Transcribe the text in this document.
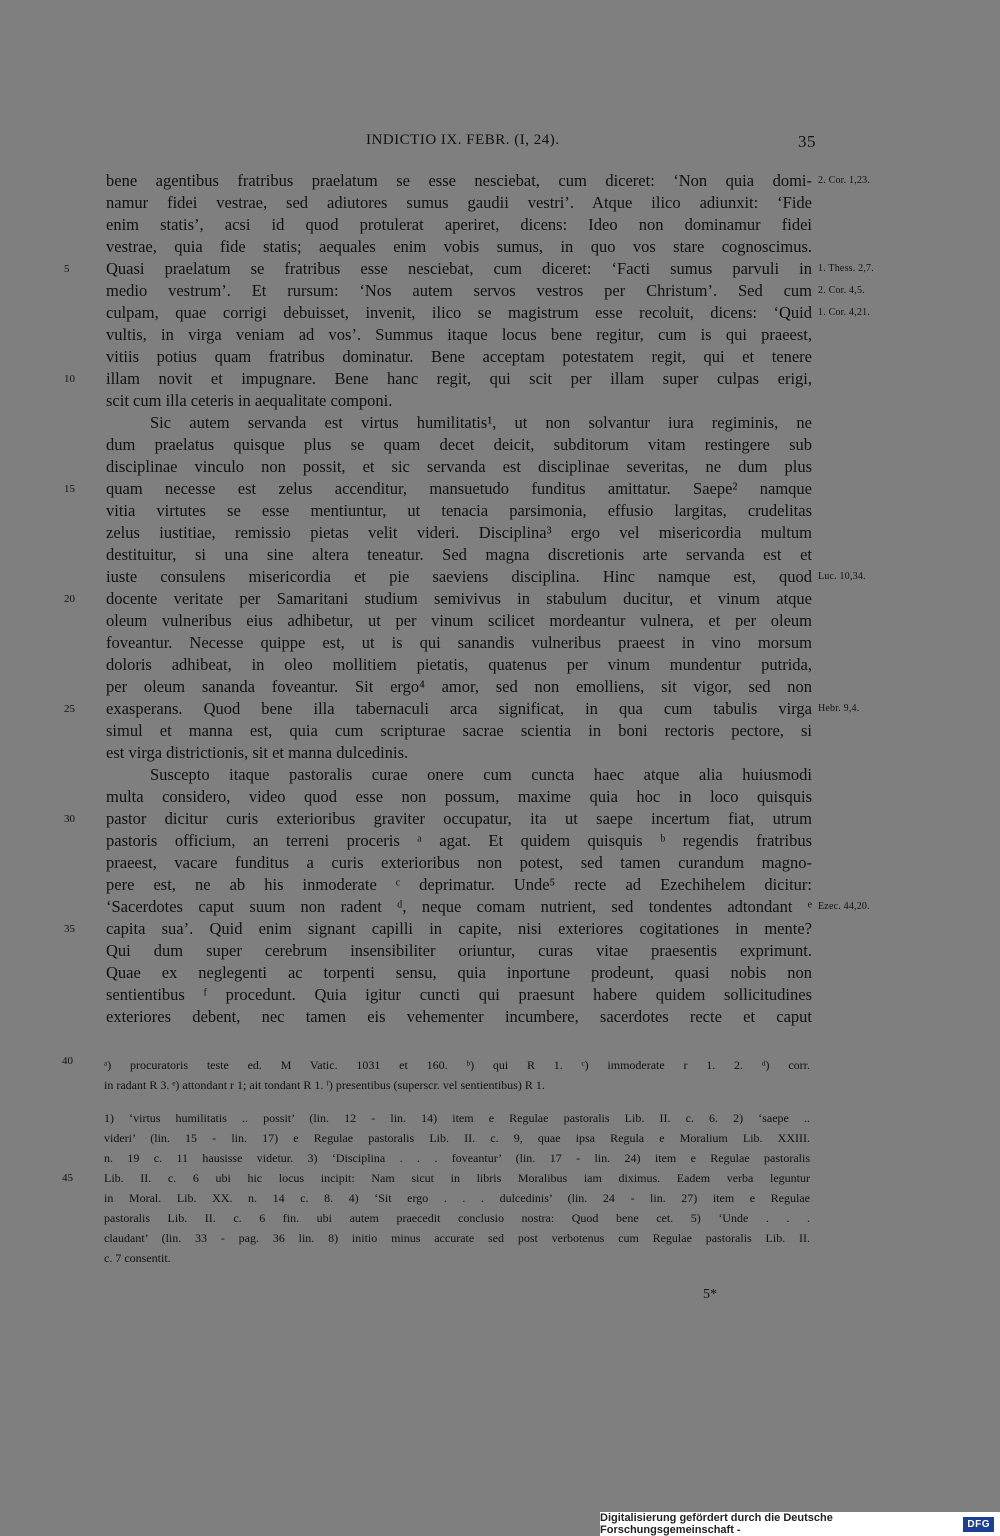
INDICTIO IX. FEBR. (I, 24).	35
bene agentibus fratribus praelatum se esse nesciebat, cum diceret: ‘Non quia domi-
namur fidei vestrae, sed adiutores sumus gaudii vestri’. Atque ilico adiunxit: ‘Fide
enim statis’, acsi id quod protulerat aperiret, dicens: Ideo non dominamur fidei
vestrae, quia fide statis; aequales enim vobis sumus, in quo vos stare cognoscimus.
Quasi praelatum se fratribus esse nesciebat, cum diceret: ‘Facti sumus parvuli in
medio vestrum’. Et rursum: ‘Nos autem servos vestros per Christum’. Sed cum
culpam, quae corrigi debuisset, invenit, ilico se magistrum esse recoluit, dicens: ‘Quid
vultis, in virga veniam ad vos’. Summus itaque locus bene regitur, cum is qui praeest,
vitiis potius quam fratribus dominatur. Bene acceptam potestatem regit, qui et tenere
illam novit et impugnare. Bene hanc regit, qui scit per illam super culpas erigi,
scit cum illa ceteris in aequalitate componi.
Sic autem servanda est virtus humilitatis¹, ut non solvantur iura regiminis, ne
dum praelatus quisque plus se quam decet deicit, subditorum vitam restingere sub
disciplinae vinculo non possit, et sic servanda est disciplinae severitas, ne dum plus
quam necesse est zelus accenditur, mansuetudo funditus amittatur. Saepe² namque
vitia virtutes se esse mentiuntur, ut tenacia parsimonia, effusio largitas, crudelitas
zelus iustitiae, remissio pietas velit videri. Disciplina³ ergo vel misericordia multum
destituitur, si una sine altera teneatur. Sed magna discretionis arte servanda est et
iuste consulens misericordia et pie saeviens disciplina. Hinc namque est, quod
docente veritate per Samaritani studium semivivus in stabulum ducitur, et vinum atque
oleum vulneribus eius adhibetur, ut per vinum scilicet mordeantur vulnera, et per oleum
foveantur. Necesse quippe est, ut is qui sanandis vulneribus praeest in vino morsum
doloris adhibeat, in oleo mollitiem pietatis, quatenus per vinum mundentur putrida,
per oleum sananda foveantur. Sit ergo⁴ amor, sed non emolliens, sit vigor, sed non
exasperans. Quod bene illa tabernaculi arca significat, in qua cum tabulis virga
simul et manna est, quia cum scripturae sacrae scientia in boni rectoris pectore, si
est virga districtionis, sit et manna dulcedinis.
Suscepto itaque pastoralis curae onere cum cuncta haec atque alia huiusmodi
multa considero, video quod esse non possum, maxime quia hoc in loco quisquis
pastor dicitur curis exterioribus graviter occupatur, ita ut saepe incertum fiat, utrum
pastoris officium, an terreni proceris ᵃ agat. Et quidem quisquis ᵇ regendis fratribus
praeest, vacare funditus a curis exterioribus non potest, sed tamen curandum magno-
pere est, ne ab his inmoderate ᶜ deprimatur. Unde⁵ recte ad Ezechihelem dicitur:
‘Sacerdotes caput suum non radent ᵈ, neque comam nutrient, sed tondentes adtondant ᵉ
capita sua’. Quid enim signant capilli in capite, nisi exteriores cogitationes in mente?
Qui dum super cerebrum insensibiliter oriuntur, curas vitae praesentis exprimunt.
Quae ex neglegenti ac torpenti sensu, quia inportune prodeunt, quasi nobis non
sentientibus ᶠ procedunt. Quia igitur cuncti qui praesunt habere quidem sollicitudines
exteriores debent, nec tamen eis vehementer incumbere, sacerdotes recte et caput
5
10
15
20
25
30
35
2. Cor. 1,23.
1. Thess. 2,7.
2. Cor. 4,5.
1. Cor. 4,21.
Luc. 10,34.
Hebr. 9,4.
Ezec. 44,20.
ᵃ) procuratoris teste ed. M Vatic. 1031 et 160. ᵇ) qui R 1. ᶜ) immoderate r 1. 2. ᵈ) corr.
in radant R 3. ᵉ) attondant r 1; ait tondant R 1. ᶠ) presentibus (superscr. vel sentientibus) R 1.
40
1) ‘virtus humilitatis .. possit’ (lin. 12 - lin. 14) item e Regulae pastoralis Lib. II. c. 6. 2) ‘saepe ..
videri’ (lin. 15 - lin. 17) e Regulae pastoralis Lib. II. c. 9, quae ipsa Regula e Moralium Lib. XXIII.
n. 19 c. 11 hausisse videtur. 3) ‘Disciplina . . . foveantur’ (lin. 17 - lin. 24) item e Regulae pastoralis
Lib. II. c. 6 ubi hic locus incipit: Nam sicut in libris Moralibus iam diximus. Eadem verba leguntur
in Moral. Lib. XX. n. 14 c. 8. 4) ‘Sit ergo . . . dulcedinis’ (lin. 24 - lin. 27) item e Regulae
pastoralis Lib. II. c. 6 fin. ubi autem praecedit conclusio nostra: Quod bene cet. 5) ‘Unde . . .
claudant’ (lin. 33 - pag. 36 lin. 8) initio minus accurate sed post verbotenus cum Regulae pastoralis Lib. II.
c. 7 consentit.
45
5*
Digitalisierung gefördert durch die Deutsche Forschungsgemeinschaft -	DFG
